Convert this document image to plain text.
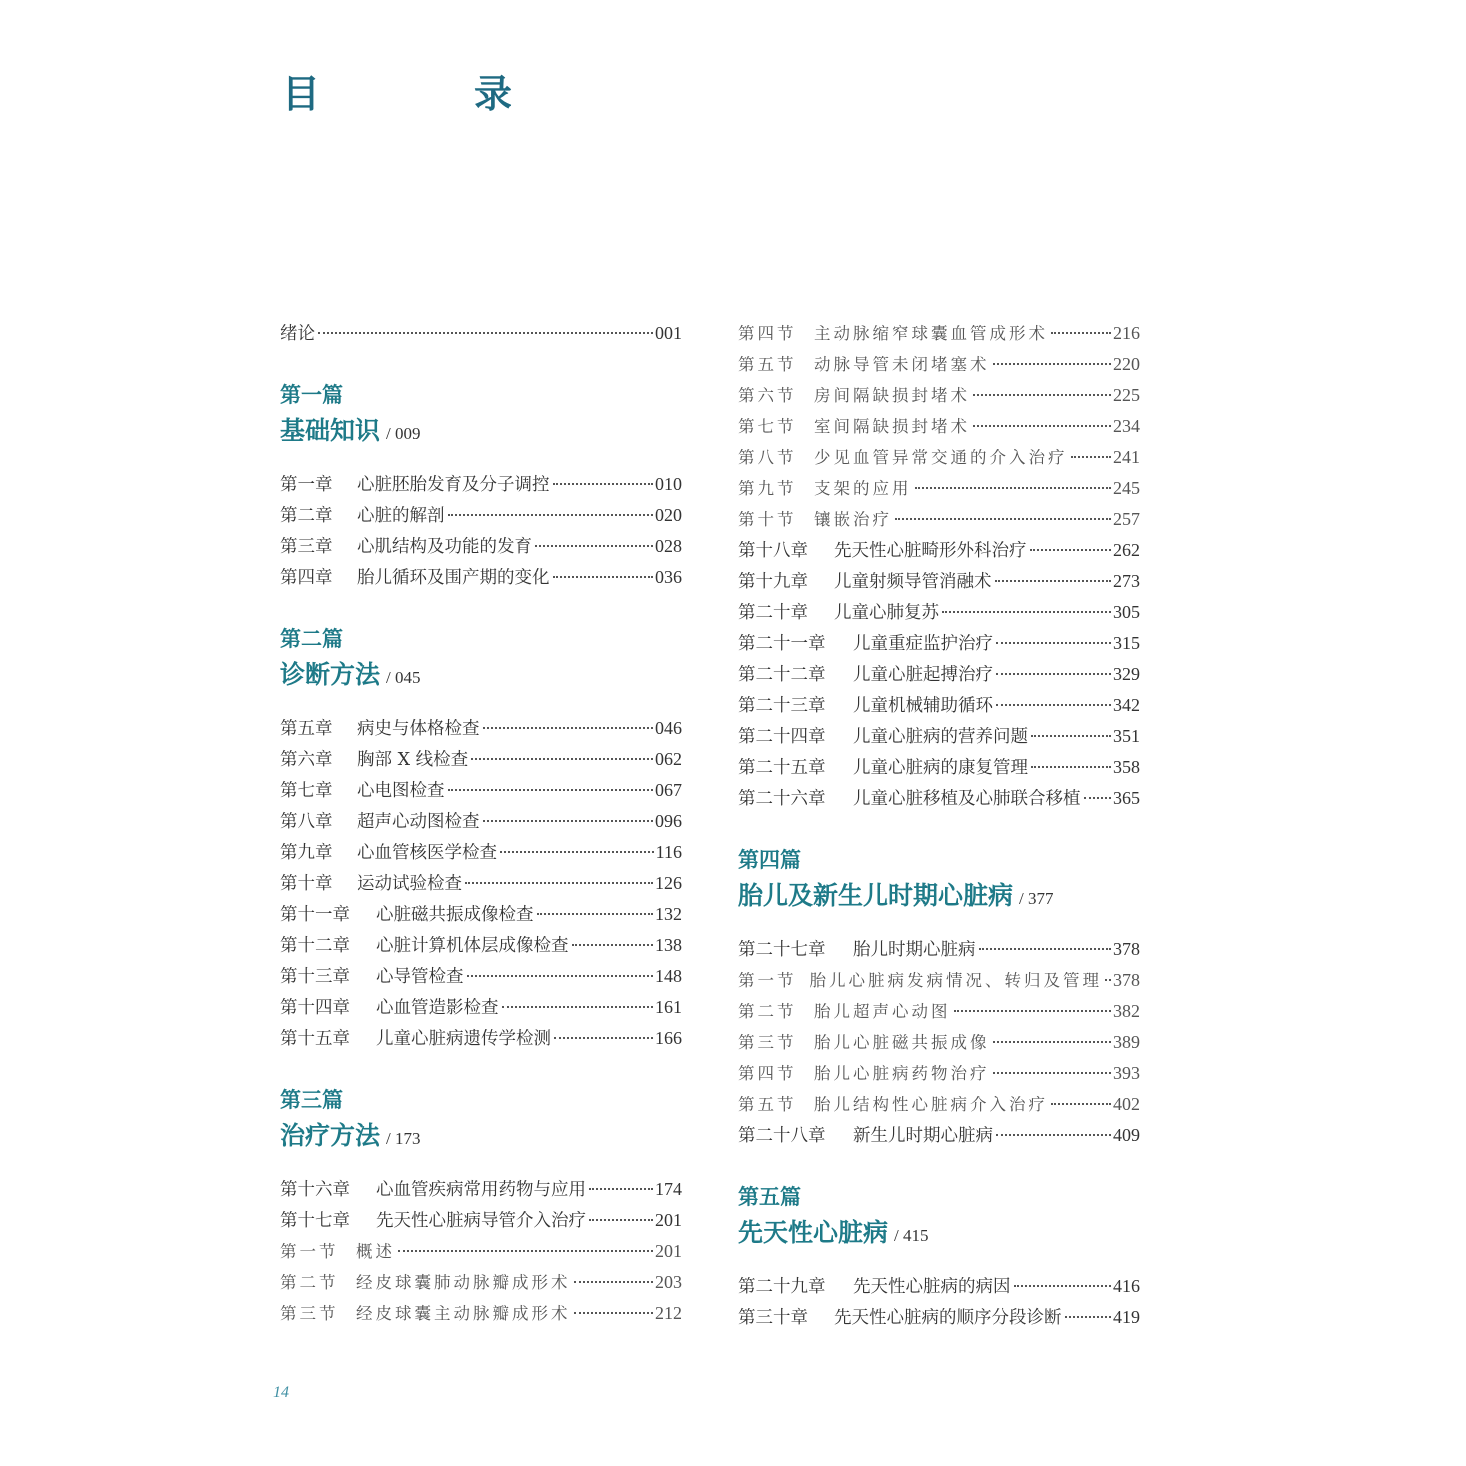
目　录
绪论	001
第一篇
基础知识 / 009
第一章	心脏胚胎发育及分子调控	010
第二章	心脏的解剖	020
第三章	心肌结构及功能的发育	028
第四章	胎儿循环及围产期的变化	036
第二篇
诊断方法 / 045
第五章	病史与体格检查	046
第六章	胸部 X 线检查	062
第七章	心电图检查	067
第八章	超声心动图检查	096
第九章	心血管核医学检查	116
第十章	运动试验检查	126
第十一章	心脏磁共振成像检查	132
第十二章	心脏计算机体层成像检查	138
第十三章	心导管检查	148
第十四章	心血管造影检查	161
第十五章	儿童心脏病遗传学检测	166
第三篇
治疗方法 / 173
第十六章	心血管疾病常用药物与应用	174
第十七章	先天性心脏病导管介入治疗	201
第一节	概述	201
第二节	经皮球囊肺动脉瓣成形术	203
第三节	经皮球囊主动脉瓣成形术	212
第四节	主动脉缩窄球囊血管成形术	216
第五节	动脉导管未闭堵塞术	220
第六节	房间隔缺损封堵术	225
第七节	室间隔缺损封堵术	234
第八节	少见血管异常交通的介入治疗	241
第九节	支架的应用	245
第十节	镶嵌治疗	257
第十八章	先天性心脏畸形外科治疗	262
第十九章	儿童射频导管消融术	273
第二十章	儿童心肺复苏	305
第二十一章	儿童重症监护治疗	315
第二十二章	儿童心脏起搏治疗	329
第二十三章	儿童机械辅助循环	342
第二十四章	儿童心脏病的营养问题	351
第二十五章	儿童心脏病的康复管理	358
第二十六章	儿童心脏移植及心肺联合移植 365
第四篇
胎儿及新生儿时期心脏病 / 377
第二十七章	胎儿时期心脏病	378
第一节 胎儿心脏病发病情况、转归及管理 378
第二节	胎儿超声心动图	382
第三节	胎儿心脏磁共振成像	389
第四节	胎儿心脏病药物治疗	393
第五节	胎儿结构性心脏病介入治疗	402
第二十八章	新生儿时期心脏病	409
第五篇
先天性心脏病 / 415
第二十九章	先天性心脏病的病因	416
第三十章	先天性心脏病的顺序分段诊断	419
14
